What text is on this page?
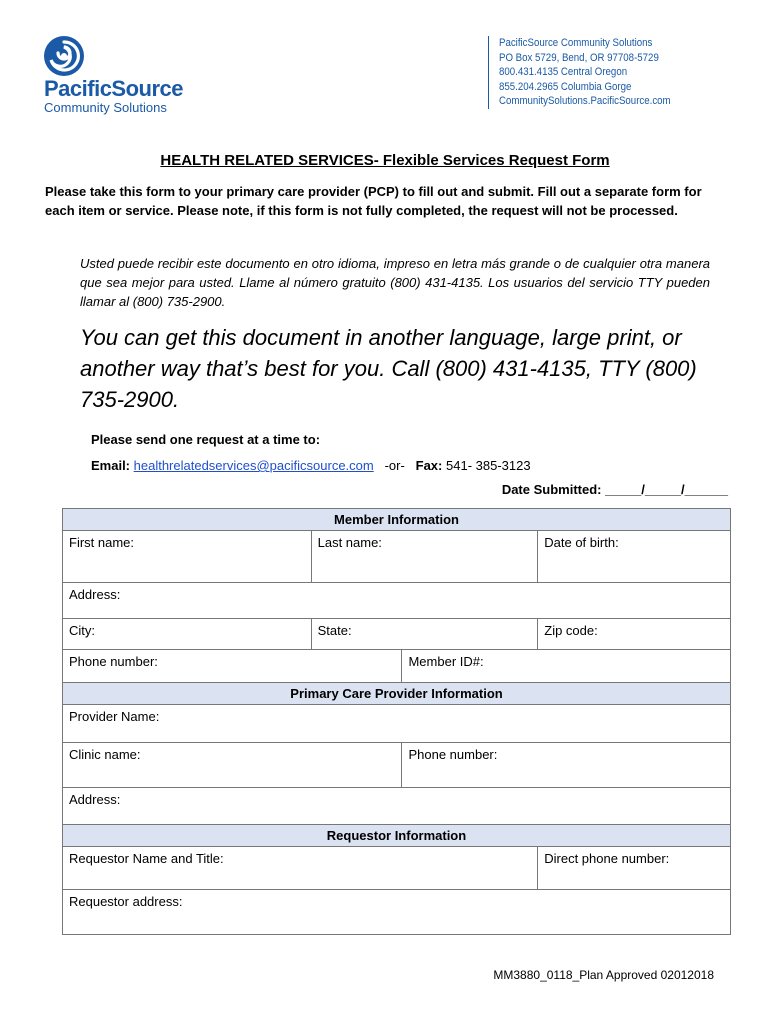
PacificSource
Community Solutions
PacificSource Community Solutions
PO Box 5729, Bend, OR 97708-5729
800.431.4135 Central Oregon
855.204.2965 Columbia Gorge
CommunitySolutions.PacificSource.com
HEALTH RELATED SERVICES- Flexible Services Request Form
Please take this form to your primary care provider (PCP) to fill out and submit. Fill out a separate form for each item or service. Please note, if this form is not fully completed, the request will not be processed.
Usted puede recibir este documento en otro idioma, impreso en letra más grande o de cualquier otra manera que sea mejor para usted. Llame al número gratuito (800) 431-4135. Los usuarios del servicio TTY pueden llamar al (800) 735-2900.
You can get this document in another language, large print, or another way that’s best for you. Call (800) 431-4135, TTY (800) 735-2900.
Please send one request at a time to:
Email: healthrelatedservices@pacificsource.com -or- Fax: 541- 385-3123
Date Submitted: _____/_____/______
Member Information			
First name:	Last name:		Date of birth:
Address:			
City:	State:		Zip code:
Phone number:		Member ID#:	
Primary Care Provider Information			
Provider Name:			
Clinic name:		Phone number:	
Address:			
Requestor Information			
Requestor Name and Title:			Direct phone number:
Requestor address:			
MM3880_0118_Plan Approved 02012018
